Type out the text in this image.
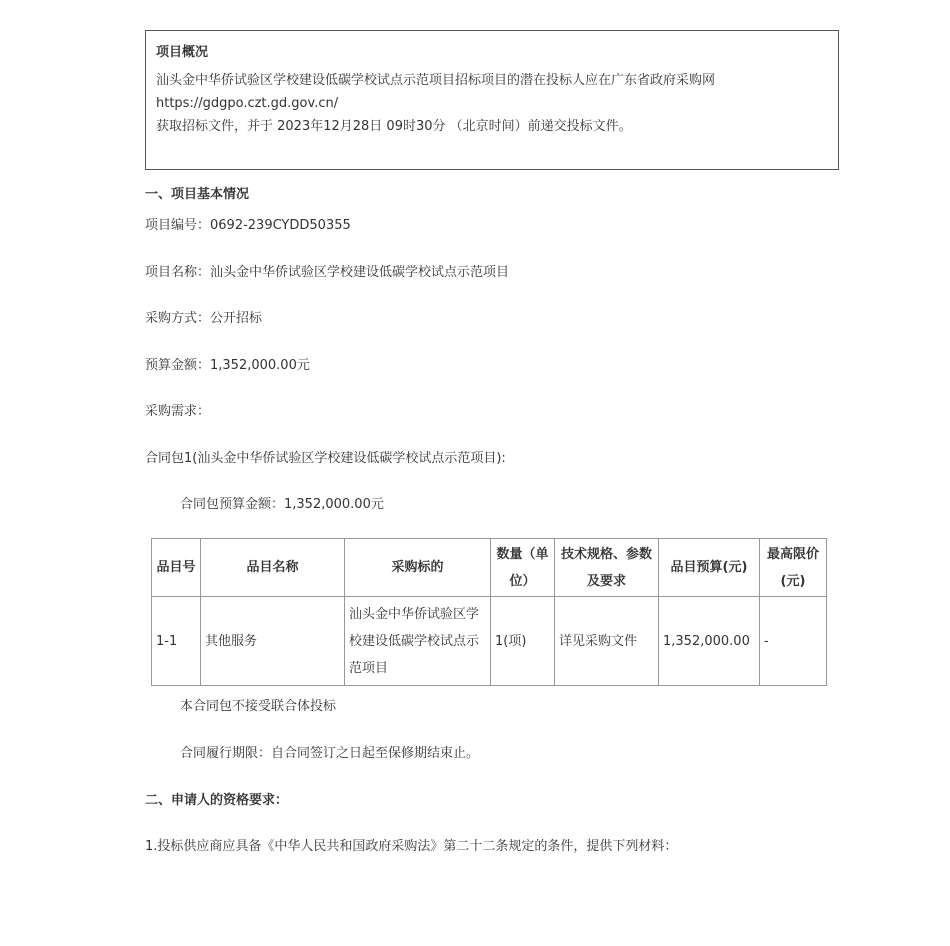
项目概况
汕头金中华侨试验区学校建设低碳学校试点示范项目招标项目的潜在投标人应在广东省政府采购网
https://gdgpo.czt.gd.gov.cn/
获取招标文件，并于 2023年12月28日 09时30分 （北京时间）前递交投标文件。
一、项目基本情况
项目编号：0692-239CYDD50355
项目名称：汕头金中华侨试验区学校建设低碳学校试点示范项目
采购方式：公开招标
预算金额：1,352,000.00元
采购需求：
合同包1(汕头金中华侨试验区学校建设低碳学校试点示范项目):
合同包预算金额：1,352,000.00元
品目号	品目名称	采购标的	数量（单位）	技术规格、参数及要求	品目预算(元)	最高限价(元)
1-1	其他服务	汕头金中华侨试验区学校建设低碳学校试点示范项目	1(项)	详见采购文件	1,352,000.00	-
本合同包不接受联合体投标
合同履行期限：自合同签订之日起至保修期结束止。
二、申请人的资格要求：
1.投标供应商应具备《中华人民共和国政府采购法》第二十二条规定的条件，提供下列材料：
